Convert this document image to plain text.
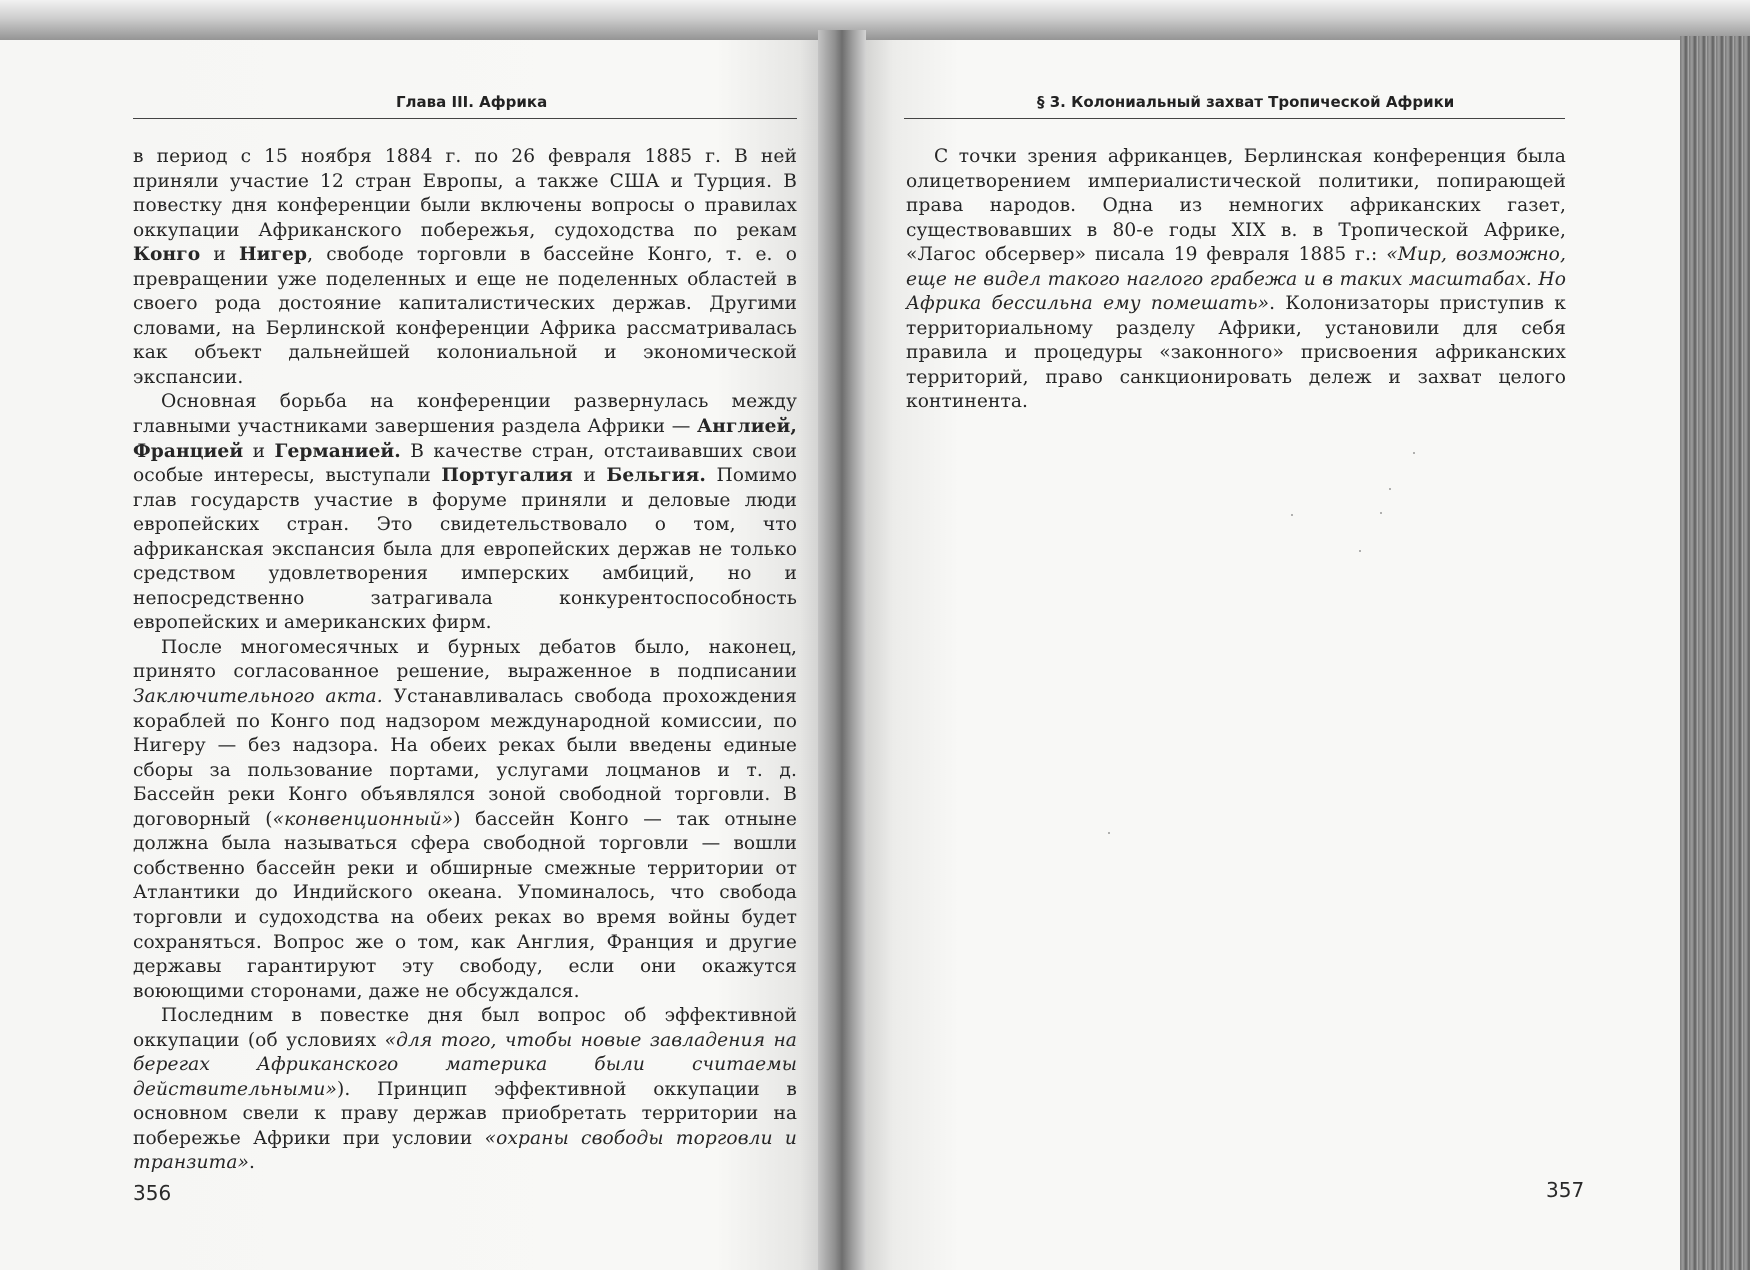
Глава III. Африка

в период с 15 ноября 1884 г. по 26 февраля 1885 г. В ней приняли участие 12 стран Европы, а также США и Турция. В повестку дня конференции были включены вопросы о правилах оккупации Африканского побережья, судоходства по рекам Конго и Нигер, свободе торговли в бассейне Конго, т. е. о превращении уже поделенных и еще не поделенных областей в своего рода достояние капиталистических держав. Другими словами, на Берлинской конференции Африка рассматривалась как объект дальнейшей колониальной и экономической экспансии.

Основная борьба на конференции развернулась между главными участниками завершения раздела Африки — Англией, Францией и Германией. В качестве стран, отстаивавших свои особые интересы, выступали Португалия и Бельгия. Помимо глав государств участие в форуме приняли и деловые люди европейских стран. Это свидетельствовало о том, что африканская экспансия была для европейских держав не только средством удовлетворения имперских амбиций, но и непосредственно затрагивала конкурентоспособность европейских и американских фирм.

После многомесячных и бурных дебатов было, наконец, принято согласованное решение, выраженное в подписании Заключительного акта. Устанавливалась свобода прохождения кораблей по Конго под надзором международной комиссии, по Нигеру — без надзора. На обеих реках были введены единые сборы за пользование портами, услугами лоцманов и т. д. Бассейн реки Конго объявлялся зоной свободной торговли. В договорный («конвенционный») бассейн Конго — так отныне должна была называться сфера свободной торговли — вошли собственно бассейн реки и обширные смежные территории от Атлантики до Индийского океана. Упоминалось, что свобода торговли и судоходства на обеих реках во время войны будет сохраняться. Вопрос же о том, как Англия, Франция и другие державы гарантируют эту свободу, если они окажутся воюющими сторонами, даже не обсуждался.

Последним в повестке дня был вопрос об эффективной оккупации (об условиях «для того, чтобы новые завладения на берегах Африканского материка были считаемы действительными»). Принцип эффективной оккупации в основном свели к праву держав приобретать территории на побережье Африки при условии «охраны свободы торговли и транзита».

356
§ 3. Колониальный захват Тропической Африки

С точки зрения африканцев, Берлинская конференция была олицетворением империалистической политики, попирающей права народов. Одна из немногих африканских газет, существовавших в 80-е годы XIX в. в Тропической Африке, «Лагос обсервер» писала 19 февраля 1885 г.: «Мир, возможно, еще не видел такого наглого грабежа и в таких масштабах. Но Африка бессильна ему помешать». Колонизаторы приступив к территориальному разделу Африки, установили для себя правила и процедуры «законного» присвоения африканских территорий, право санкционировать дележ и захват целого континента.

357
